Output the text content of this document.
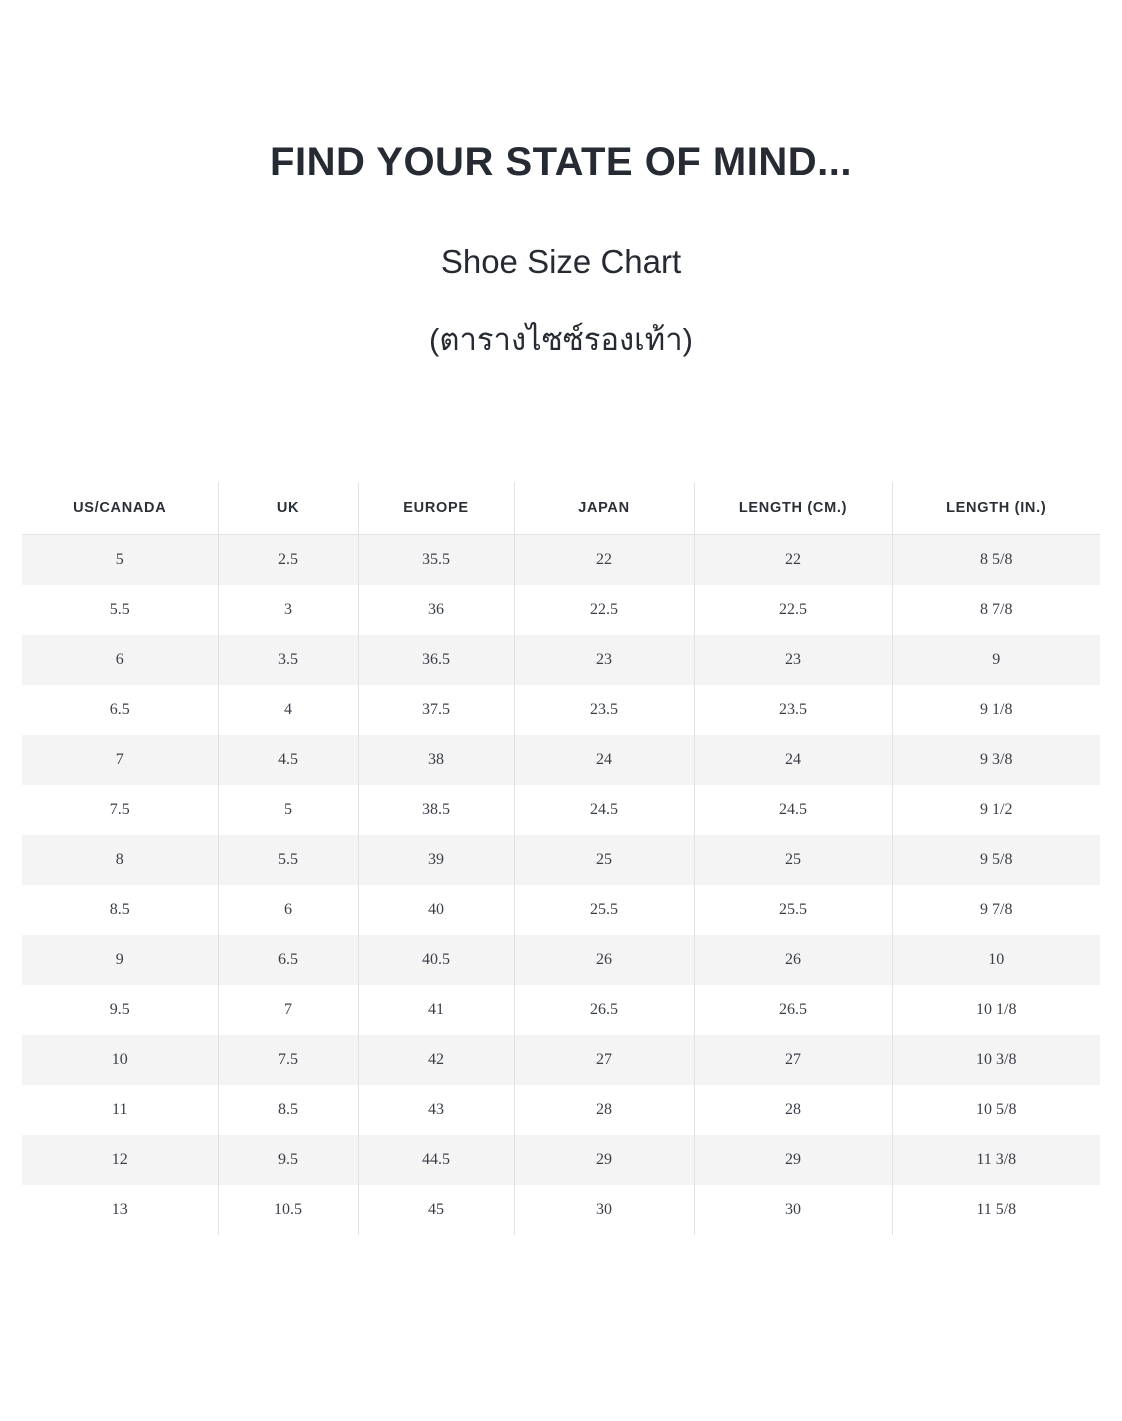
FIND YOUR STATE OF MIND...
Shoe Size Chart
(ตารางไซซ์รองเท้า)
US/CANADA	UK	EUROPE	JAPAN	LENGTH (CM.)	LENGTH (IN.)
5	2.5	35.5	22	22	8 5/8
5.5	3	36	22.5	22.5	8 7/8
6	3.5	36.5	23	23	9
6.5	4	37.5	23.5	23.5	9 1/8
7	4.5	38	24	24	9 3/8
7.5	5	38.5	24.5	24.5	9 1/2
8	5.5	39	25	25	9 5/8
8.5	6	40	25.5	25.5	9 7/8
9	6.5	40.5	26	26	10
9.5	7	41	26.5	26.5	10 1/8
10	7.5	42	27	27	10 3/8
11	8.5	43	28	28	10 5/8
12	9.5	44.5	29	29	11 3/8
13	10.5	45	30	30	11 5/8
